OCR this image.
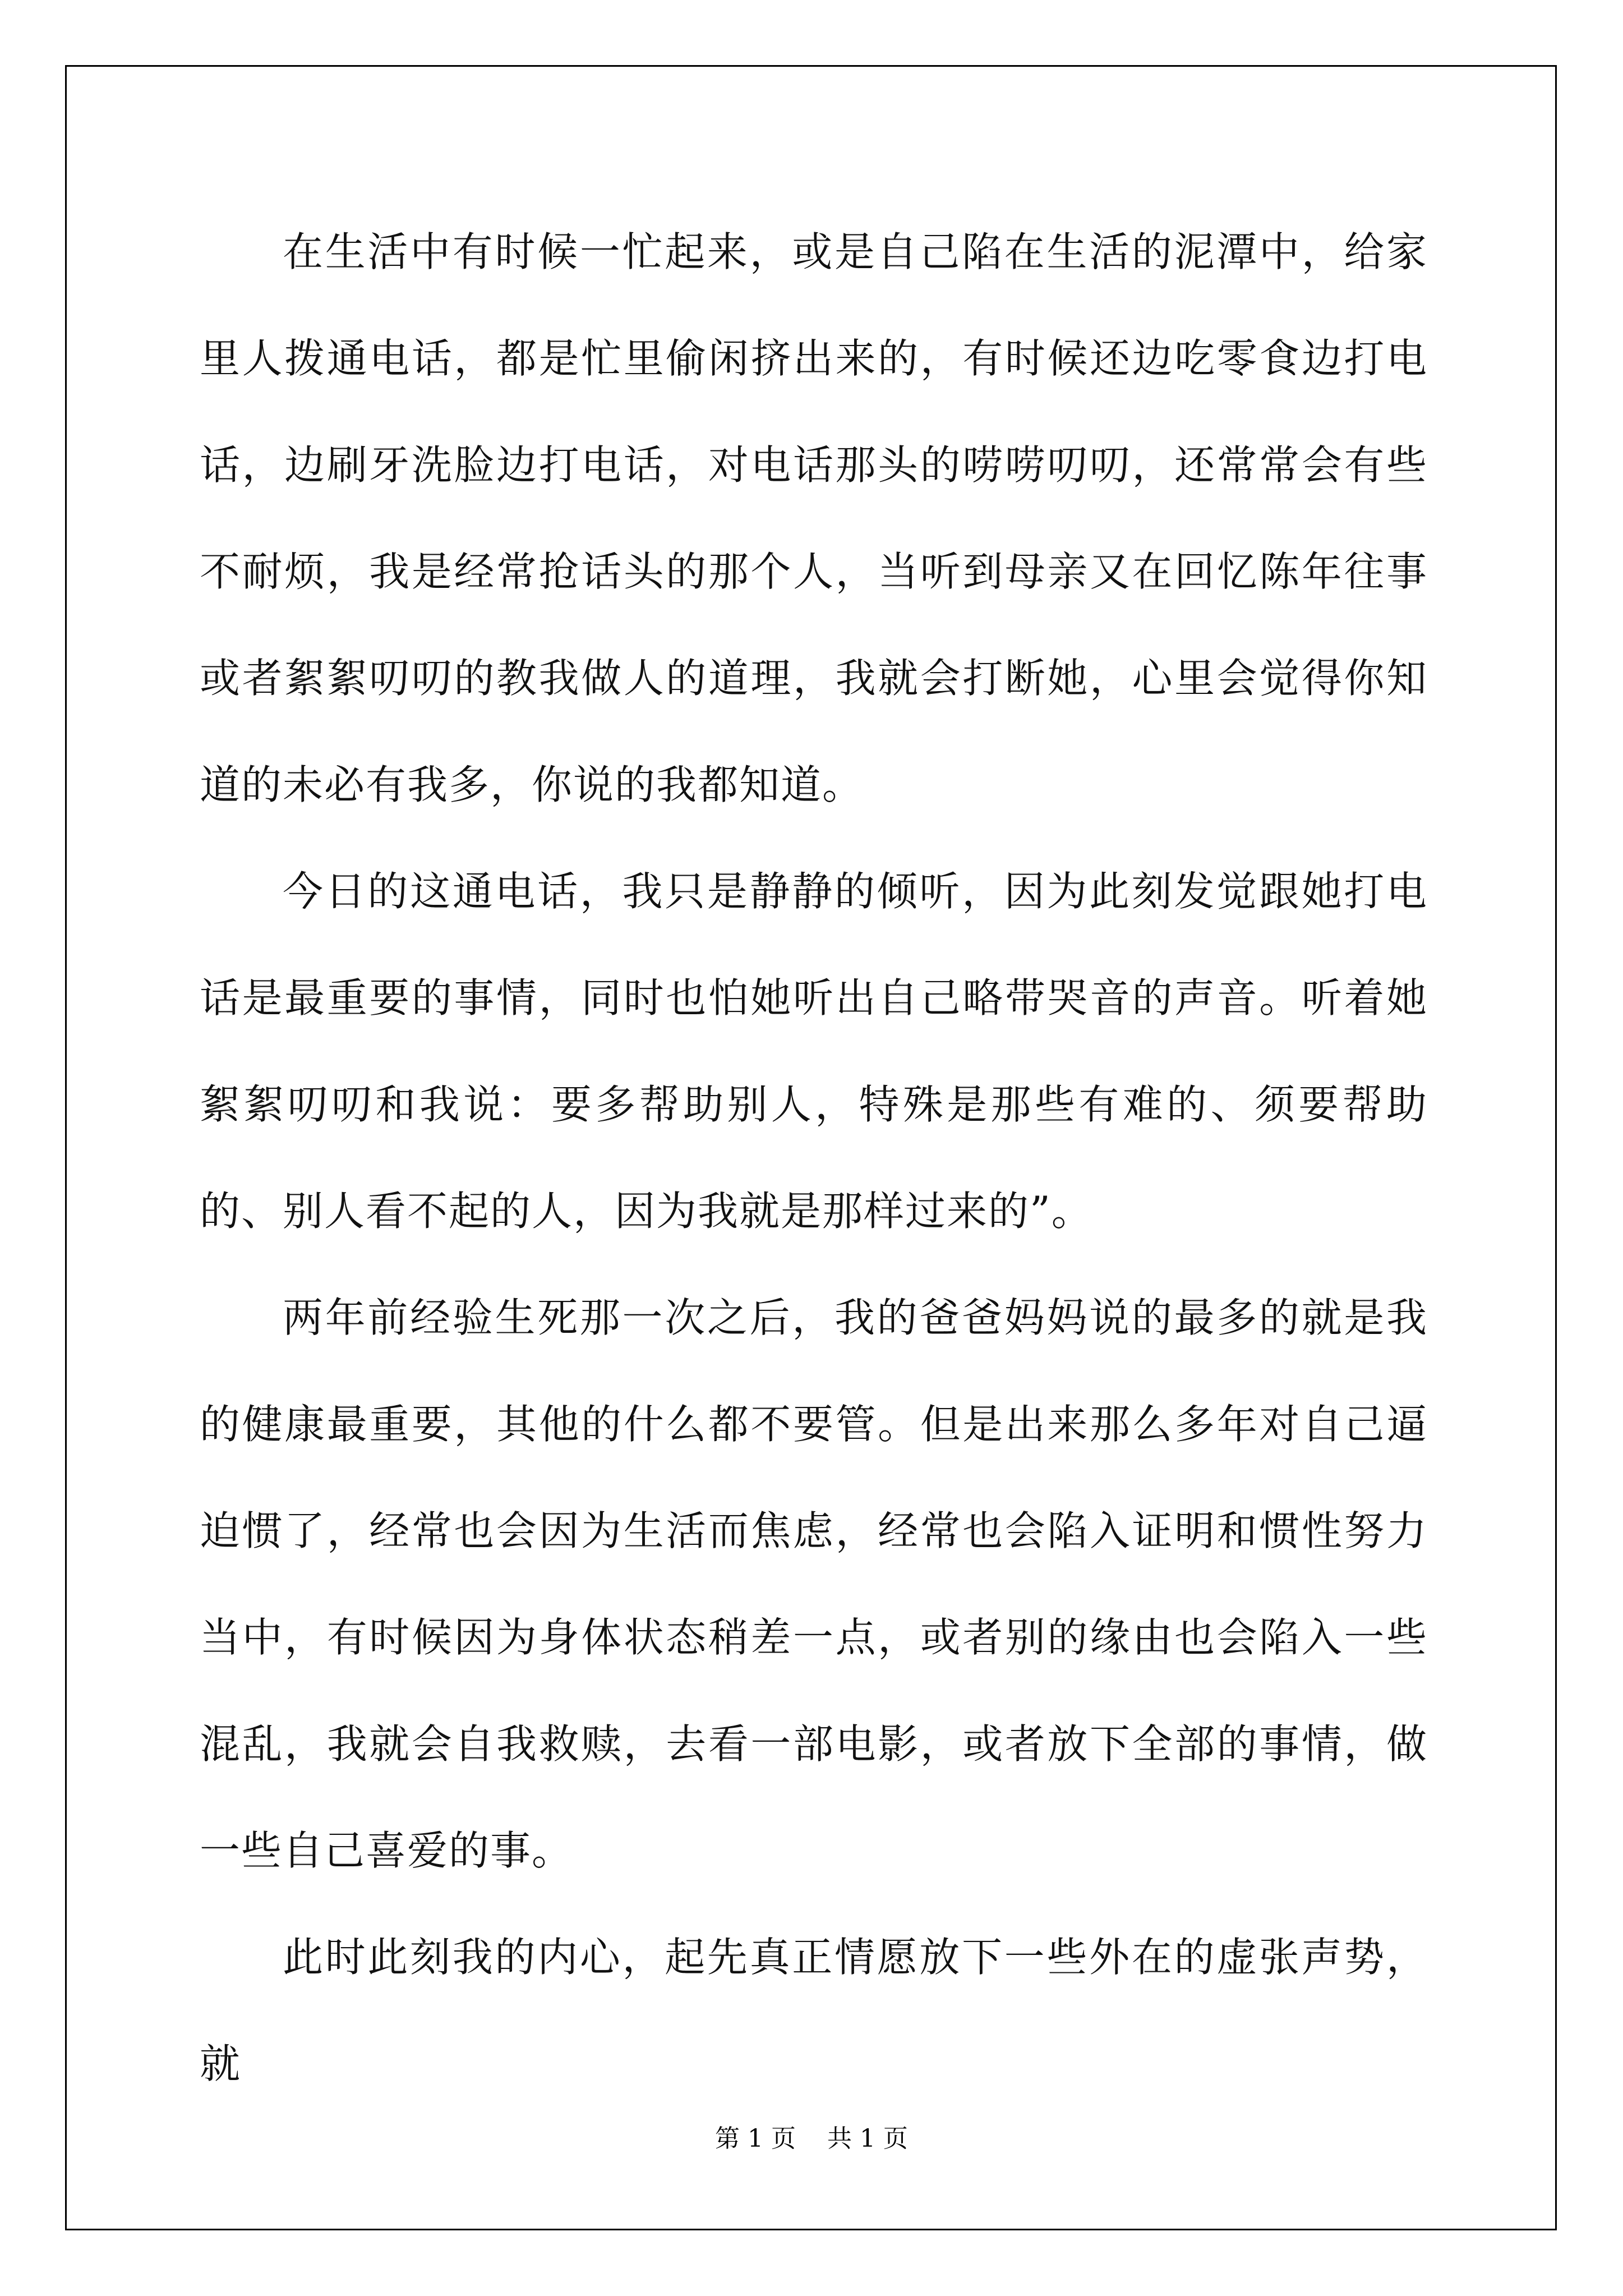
在生活中有时候一忙起来，或是自己陷在生活的泥潭中，给家里人拨通电话，都是忙里偷闲挤出来的，有时候还边吃零食边打电话，边刷牙洗脸边打电话，对电话那头的唠唠叨叨，还常常会有些不耐烦，我是经常抢话头的那个人，当听到母亲又在回忆陈年往事或者絮絮叨叨的教我做人的道理，我就会打断她，心里会觉得你知道的未必有我多，你说的我都知道。

今日的这通电话，我只是静静的倾听，因为此刻发觉跟她打电话是最重要的事情，同时也怕她听出自己略带哭音的声音。听着她絮絮叨叨和我说：要多帮助别人，特殊是那些有难的、须要帮助的、别人看不起的人，因为我就是那样过来的”。

两年前经验生死那一次之后，我的爸爸妈妈说的最多的就是我的健康最重要，其他的什么都不要管。但是出来那么多年对自己逼迫惯了，经常也会因为生活而焦虑，经常也会陷入证明和惯性努力当中，有时候因为身体状态稍差一点，或者别的缘由也会陷入一些混乱，我就会自我救赎，去看一部电影，或者放下全部的事情，做一些自己喜爱的事。

此时此刻我的内心，起先真正情愿放下一些外在的虚张声势，就

第 1 页    共 1 页
